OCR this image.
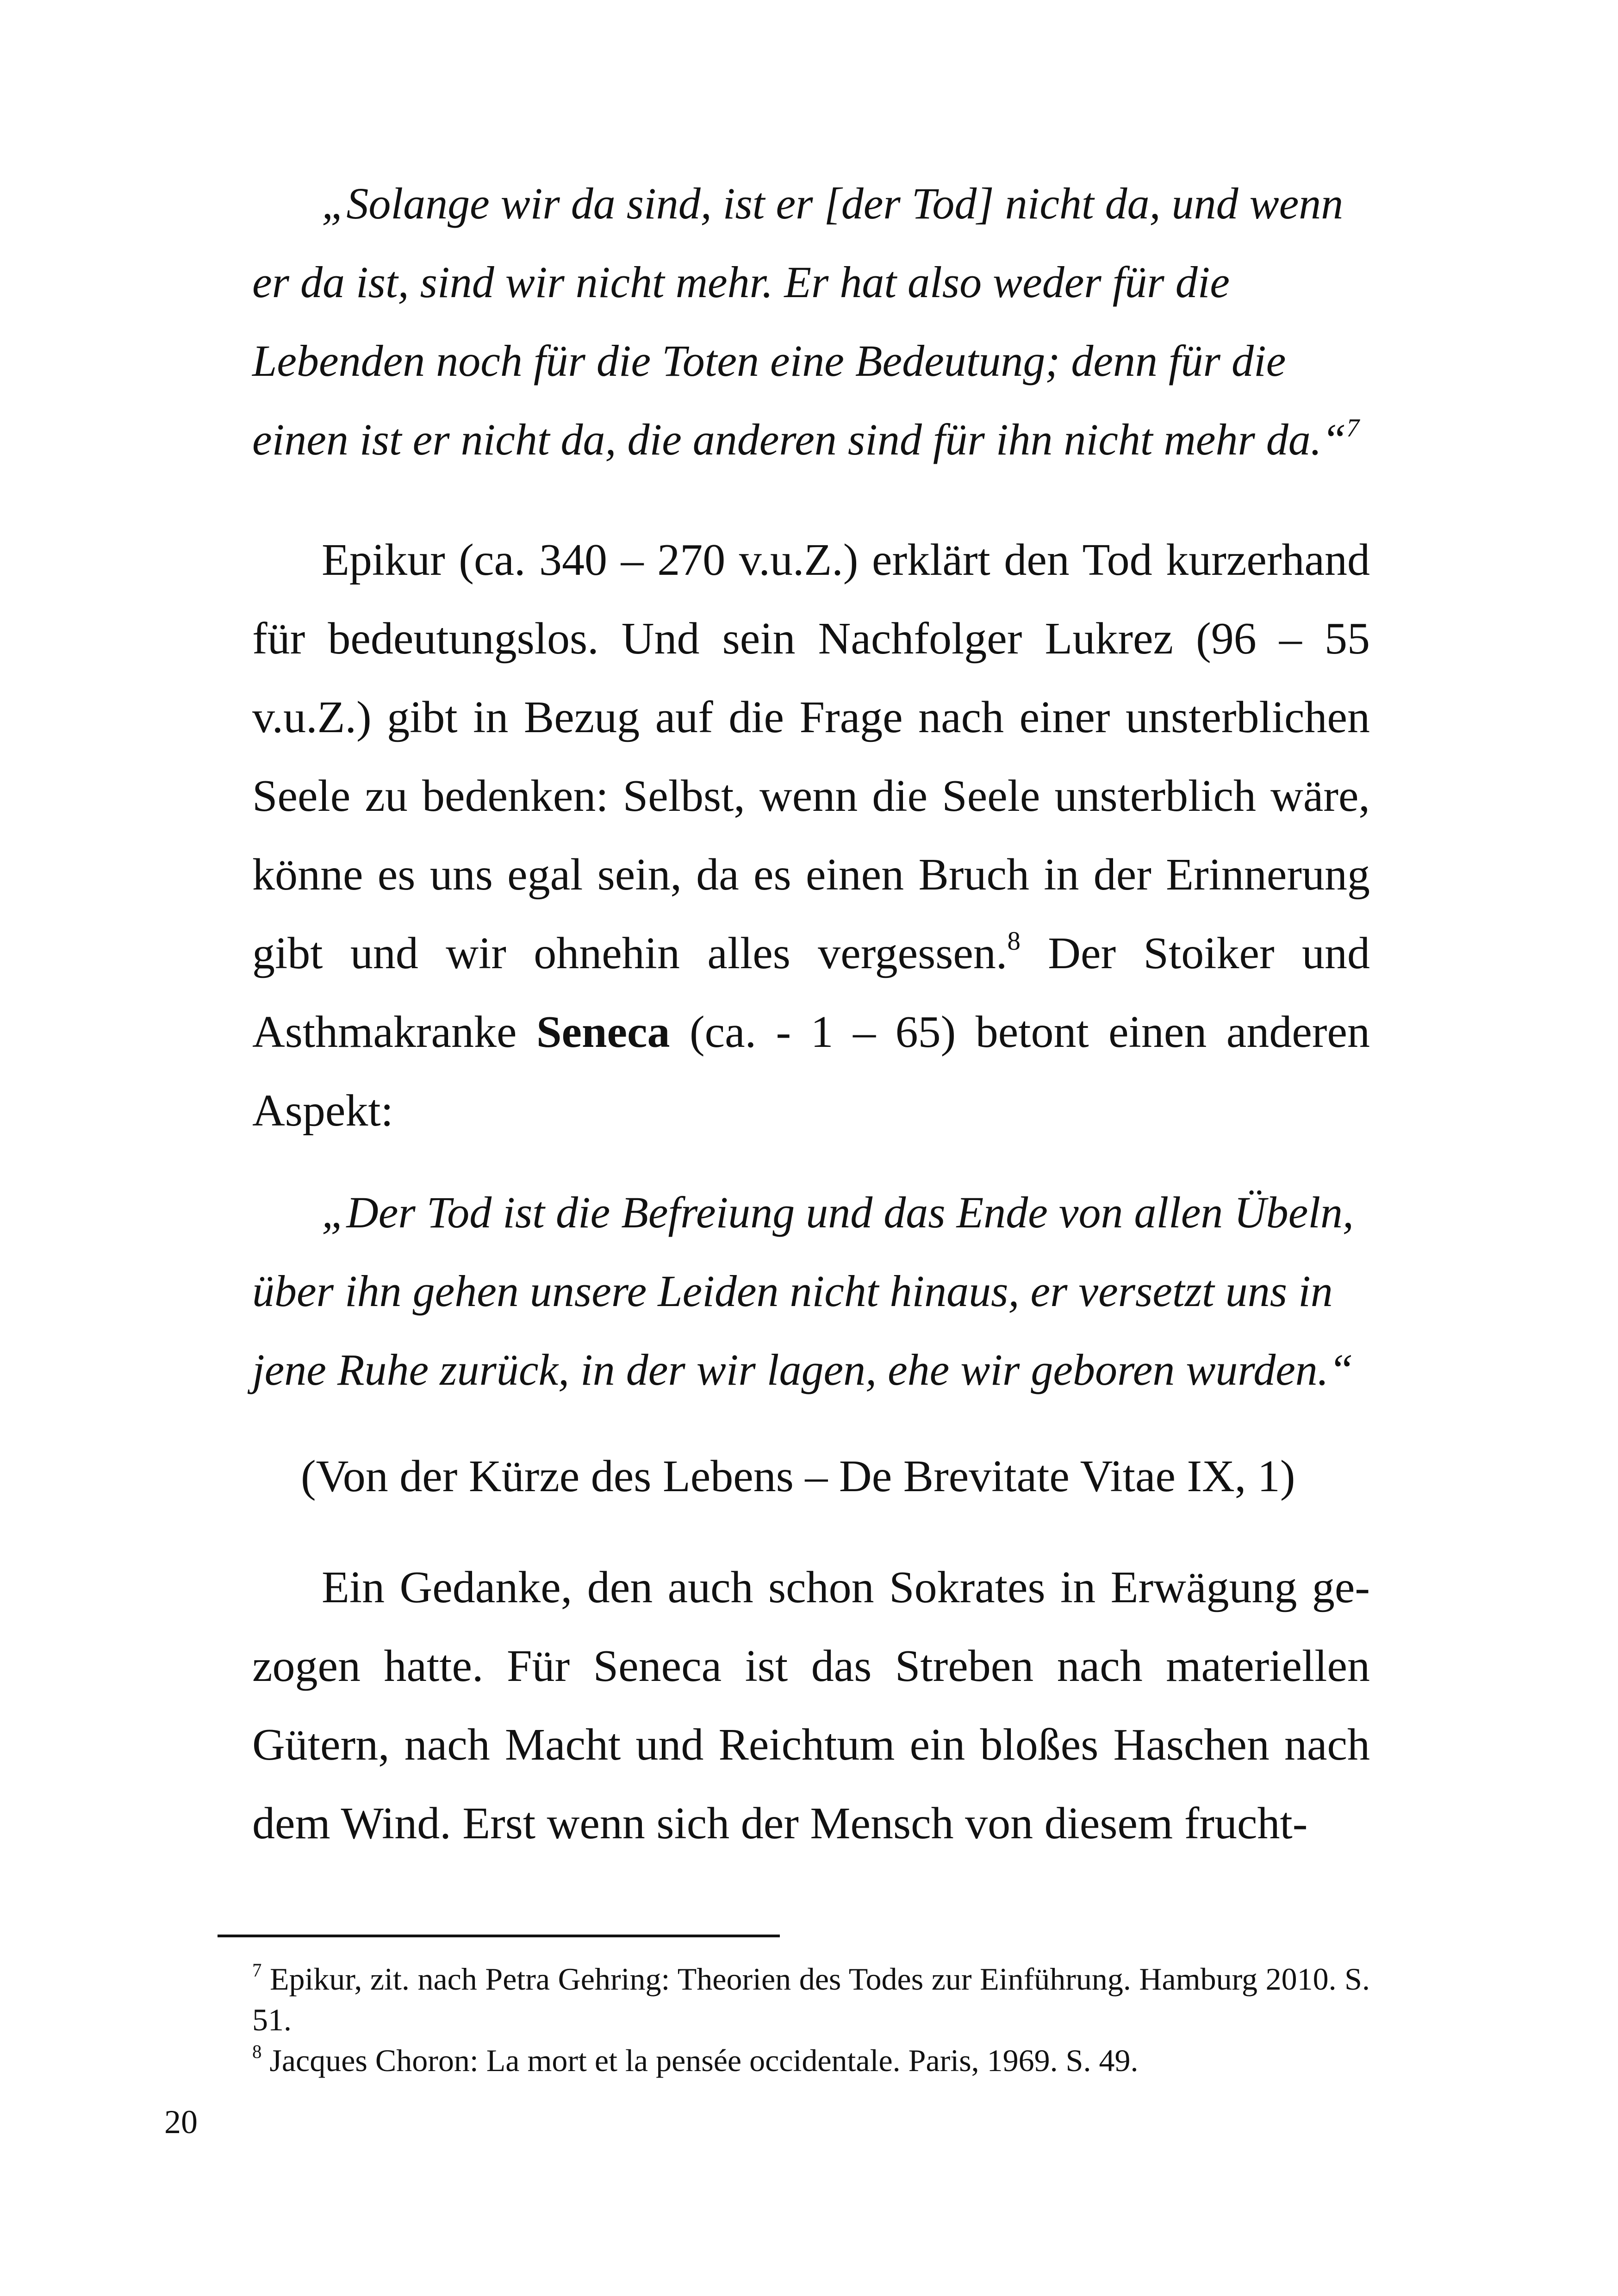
„Solange wir da sind, ist er [der Tod] nicht da, und wenn er da ist, sind wir nicht mehr. Er hat also weder für die Lebenden noch für die Toten eine Bedeutung; denn für die einen ist er nicht da, die anderen sind für ihn nicht mehr da.“$^7$

Epikur (ca. 340 – 270 v.u.Z.) erklärt den Tod kurzerhand für bedeutungslos. Und sein Nachfolger Lukrez (96 – 55 v.u.Z.) gibt in Bezug auf die Frage nach einer unsterblichen Seele zu bedenken: Selbst, wenn die Seele unsterblich wäre, könne es uns egal sein, da es einen Bruch in der Erinnerung gibt und wir ohnehin alles vergessen.$^8$ Der Stoiker und Asthmakranke Seneca (ca. - 1 – 65) betont einen anderen Aspekt:

„Der Tod ist die Befreiung und das Ende von allen Übeln, über ihn gehen unsere Leiden nicht hinaus, er versetzt uns in jene Ruhe zurück, in der wir lagen, ehe wir geboren wurden.“

(Von der Kürze des Lebens – De Brevitate Vitae IX, 1)

Ein Gedanke, den auch schon Sokrates in Erwägung gezogen hatte. Für Seneca ist das Streben nach materiellen Gütern, nach Macht und Reichtum ein bloßes Haschen nach dem Wind. Erst wenn sich der Mensch von diesem frucht-

$^7$ Epikur, zit. nach Petra Gehring: Theorien des Todes zur Einführung. Hamburg 2010. S. 51.

$^8$ Jacques Choron: La mort et la pensée occidentale. Paris, 1969. S. 49.

20
